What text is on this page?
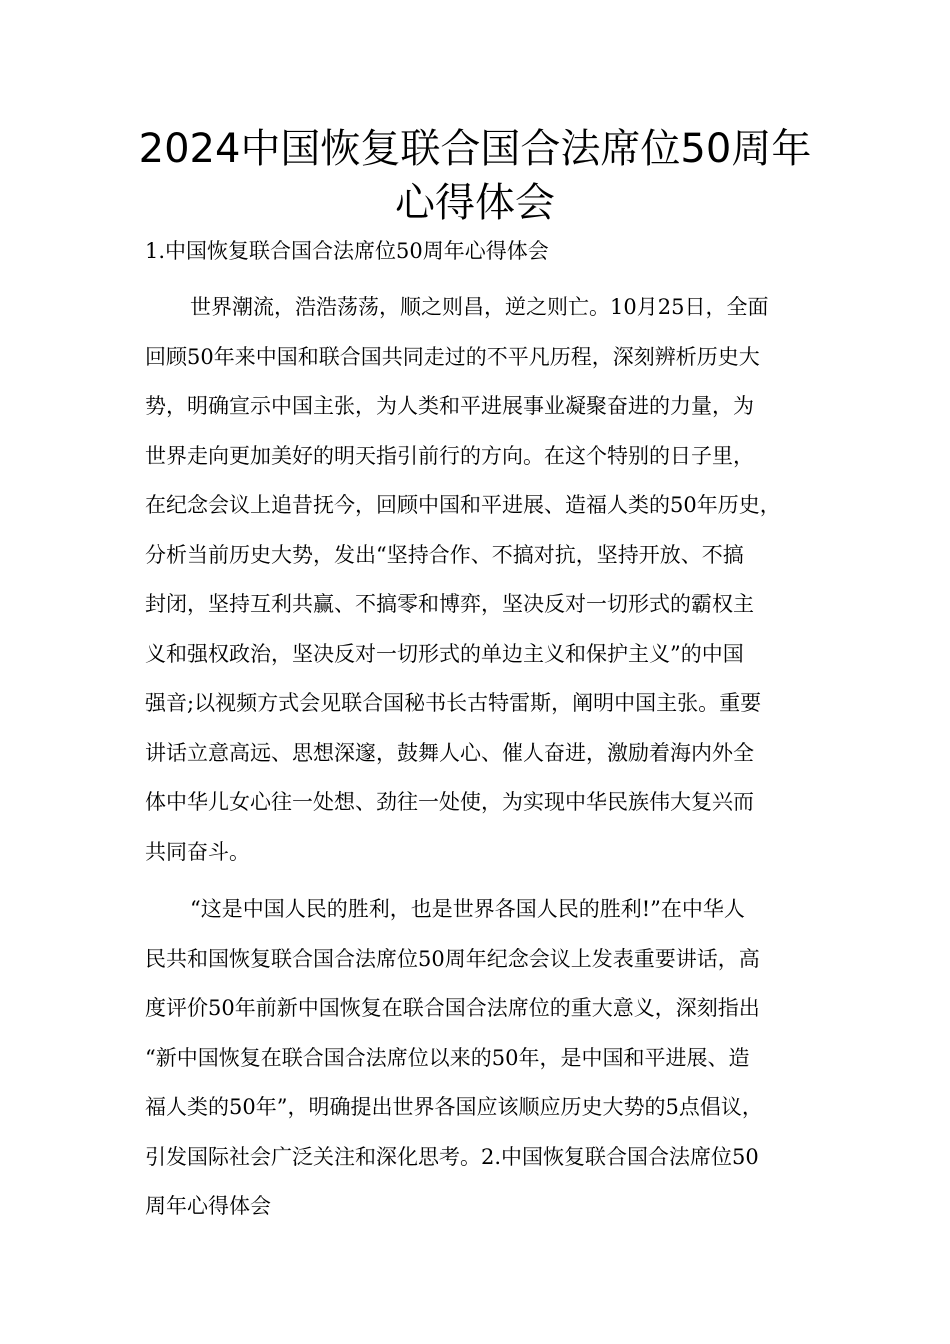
2024中国恢复联合国合法席位50周年
心得体会
1.中国恢复联合国合法席位50周年心得体会
世界潮流，浩浩荡荡，顺之则昌，逆之则亡。10月25日，全面
回顾50年来中国和联合国共同走过的不平凡历程，深刻辨析历史大
势，明确宣示中国主张，为人类和平进展事业凝聚奋进的力量，为
世界走向更加美好的明天指引前行的方向。在这个特别的日子里，
在纪念会议上追昔抚今，回顾中国和平进展、造福人类的50年历史，
分析当前历史大势，发出“坚持合作、不搞对抗，坚持开放、不搞
封闭，坚持互利共赢、不搞零和博弈，坚决反对一切形式的霸权主
义和强权政治，坚决反对一切形式的单边主义和保护主义”的中国
强音;以视频方式会见联合国秘书长古特雷斯，阐明中国主张。重要
讲话立意高远、思想深邃，鼓舞人心、催人奋进，激励着海内外全
体中华儿女心往一处想、劲往一处使，为实现中华民族伟大复兴而
共同奋斗。
“这是中国人民的胜利，也是世界各国人民的胜利!”在中华人
民共和国恢复联合国合法席位50周年纪念会议上发表重要讲话，高
度评价50年前新中国恢复在联合国合法席位的重大意义，深刻指出
“新中国恢复在联合国合法席位以来的50年，是中国和平进展、造
福人类的50年”，明确提出世界各国应该顺应历史大势的5点倡议，
引发国际社会广泛关注和深化思考。2.中国恢复联合国合法席位50
周年心得体会
